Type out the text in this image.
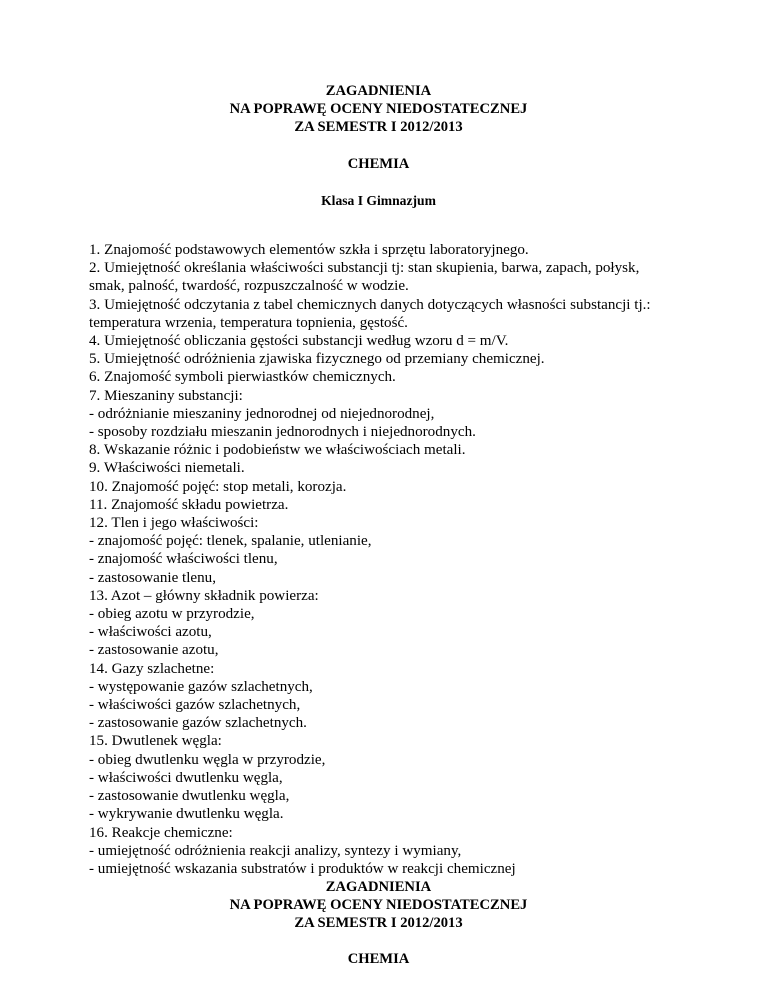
ZAGADNIENIA

NA POPRAWĘ OCENY NIEDOSTATECZNEJ

ZA SEMESTR I 2012/2013

CHEMIA

Klasa I Gimnazjum

1. Znajomość podstawowych elementów szkła i sprzętu laboratoryjnego.

2. Umiejętność określania właściwości substancji tj: stan skupienia, barwa, zapach, połysk, smak, palność, twardość, rozpuszczalność w wodzie.

3. Umiejętność odczytania z tabel chemicznych danych dotyczących własności substancji tj.: temperatura wrzenia, temperatura topnienia, gęstość.

4. Umiejętność obliczania gęstości substancji według wzoru d = m/V.

5. Umiejętność odróżnienia zjawiska fizycznego od przemiany chemicznej.

6. Znajomość symboli pierwiastków chemicznych.

7. Mieszaniny substancji:

- odróżnianie mieszaniny jednorodnej od niejednorodnej,

- sposoby rozdziału mieszanin jednorodnych i niejednorodnych.

8. Wskazanie różnic i podobieństw we właściwościach metali.

9. Właściwości niemetali.

10. Znajomość pojęć: stop metali, korozja.

11. Znajomość składu powietrza.

12. Tlen i jego właściwości:

- znajomość pojęć: tlenek, spalanie, utlenianie,

- znajomość właściwości tlenu,

- zastosowanie tlenu,

13. Azot – główny składnik powierza:

- obieg azotu w przyrodzie,

- właściwości azotu,

- zastosowanie azotu,

14. Gazy szlachetne:

- występowanie gazów szlachetnych,

- właściwości gazów szlachetnych,

- zastosowanie gazów szlachetnych.

15. Dwutlenek węgla:

- obieg dwutlenku węgla w przyrodzie,

- właściwości dwutlenku węgla,

- zastosowanie dwutlenku węgla,

- wykrywanie dwutlenku węgla.

16. Reakcje chemiczne:

- umiejętność odróżnienia reakcji analizy, syntezy i wymiany,

- umiejętność wskazania substratów i produktów w reakcji chemicznej

ZAGADNIENIA

NA POPRAWĘ OCENY NIEDOSTATECZNEJ

ZA SEMESTR I 2012/2013

CHEMIA
